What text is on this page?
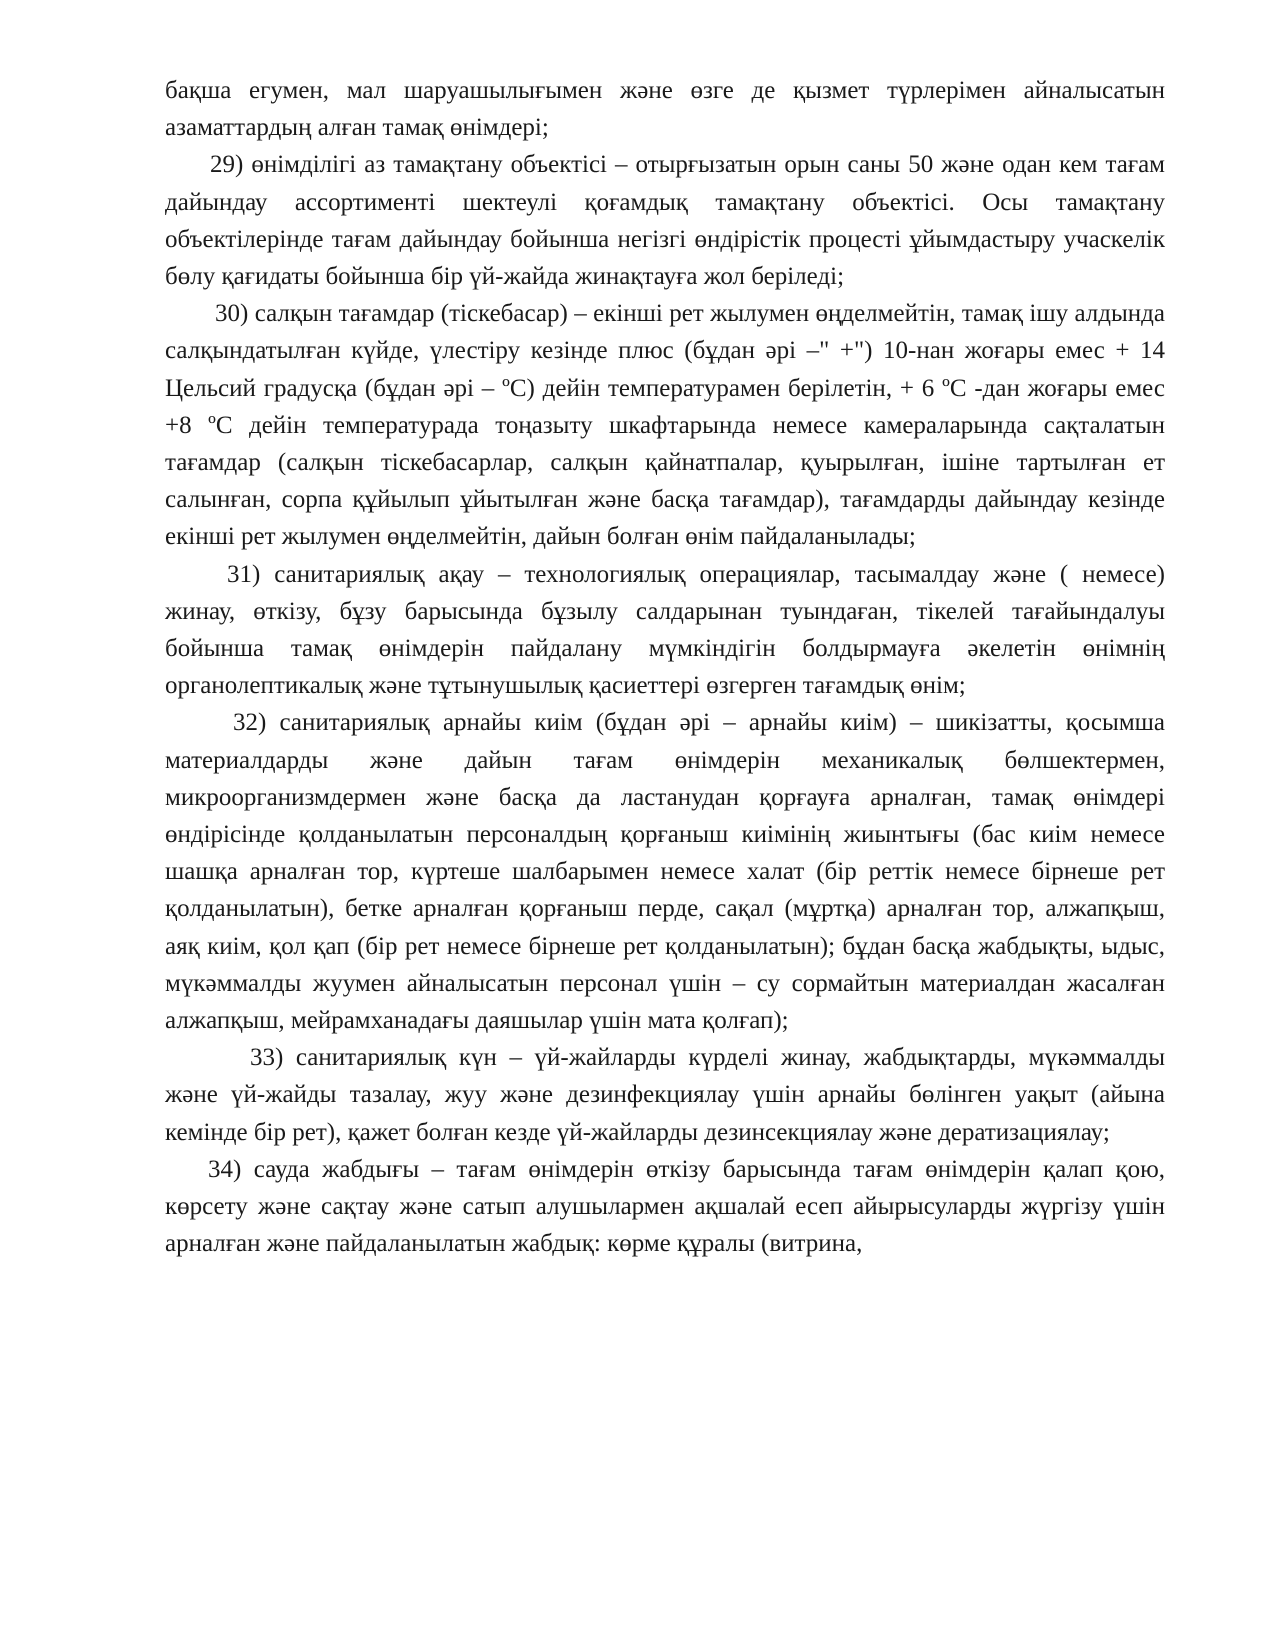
бақша егумен, мал шаруашылығымен және өзге де қызмет түрлерімен айналысатын азаматтардың алған тамақ өнімдері;

29) өнімділігі аз тамақтану объектісі – отырғызатын орын саны 50 және одан кем тағам дайындау ассортименті шектеулі қоғамдық тамақтану объектісі. Осы тамақтану объектілерінде тағам дайындау бойынша негізгі өндірістік процесті ұйымдастыру учаскелік бөлу қағидаты бойынша бір үй-жайда жинақтауға жол беріледі;

30) салқын тағамдар (тіскебасар) – екінші рет жылумен өңделмейтін, тамақ ішу алдында салқындатылған күйде, үлестіру кезінде плюс (бұдан әрі –" +") 10-нан жоғары емес + 14 Цельсий градусқа (бұдан әрі – ºС) дейін температурамен берілетін, + 6 ºС -дан жоғары емес +8 ºС дейін температурада тоңазыту шкафтарында немесе камераларында сақталатын тағамдар (салқын тіскебасарлар, салқын қайнатпалар, қуырылған, ішіне тартылған ет салынған, сорпа құйылып ұйытылған және басқа тағамдар), тағамдарды дайындау кезінде екінші рет жылумен өңделмейтін, дайын болған өнім пайдаланылады;

31) санитариялық ақау – технологиялық операциялар, тасымалдау және ( немесе) жинау, өткізу, бұзу барысында бұзылу салдарынан туындаған, тікелей тағайындалуы бойынша тамақ өнімдерін пайдалану мүмкіндігін болдырмауға әкелетін өнімнің органолептикалық және тұтынушылық қасиеттері өзгерген тағамдық өнім;

32) санитариялық арнайы киім (бұдан әрі – арнайы киім) – шикізатты, қосымша материалдарды және дайын тағам өнімдерін механикалық бөлшектермен, микроорганизмдермен және басқа да ластанудан қорғауға арналған, тамақ өнімдері өндірісінде қолданылатын персоналдың қорғаныш киімінің жиынтығы (бас киім немесе шашқа арналған тор, күртеше шалбарымен немесе халат (бір реттік немесе бірнеше рет қолданылатын), бетке арналған қорғаныш перде, сақал (мұртқа) арналған тор, алжапқыш, аяқ киім, қол қап (бір рет немесе бірнеше рет қолданылатын); бұдан басқа жабдықты, ыдыс, мүкәммалды жуумен айналысатын персонал үшін – су сормайтын материалдан жасалған алжапқыш, мейрамханадағы даяшылар үшін мата қолғап);

33) санитариялық күн – үй-жайларды күрделі жинау, жабдықтарды, мүкәммалды және үй-жайды тазалау, жуу және дезинфекциялау үшін арнайы бөлінген уақыт (айына кемінде бір рет), қажет болған кезде үй-жайларды дезинсекциялау және дератизациялау;

34) сауда жабдығы – тағам өнімдерін өткізу барысында тағам өнімдерін қалап қою, көрсету және сақтау және сатып алушылармен ақшалай есеп айырысуларды жүргізу үшін арналған және пайдаланылатын жабдық: көрме құралы (витрина,
